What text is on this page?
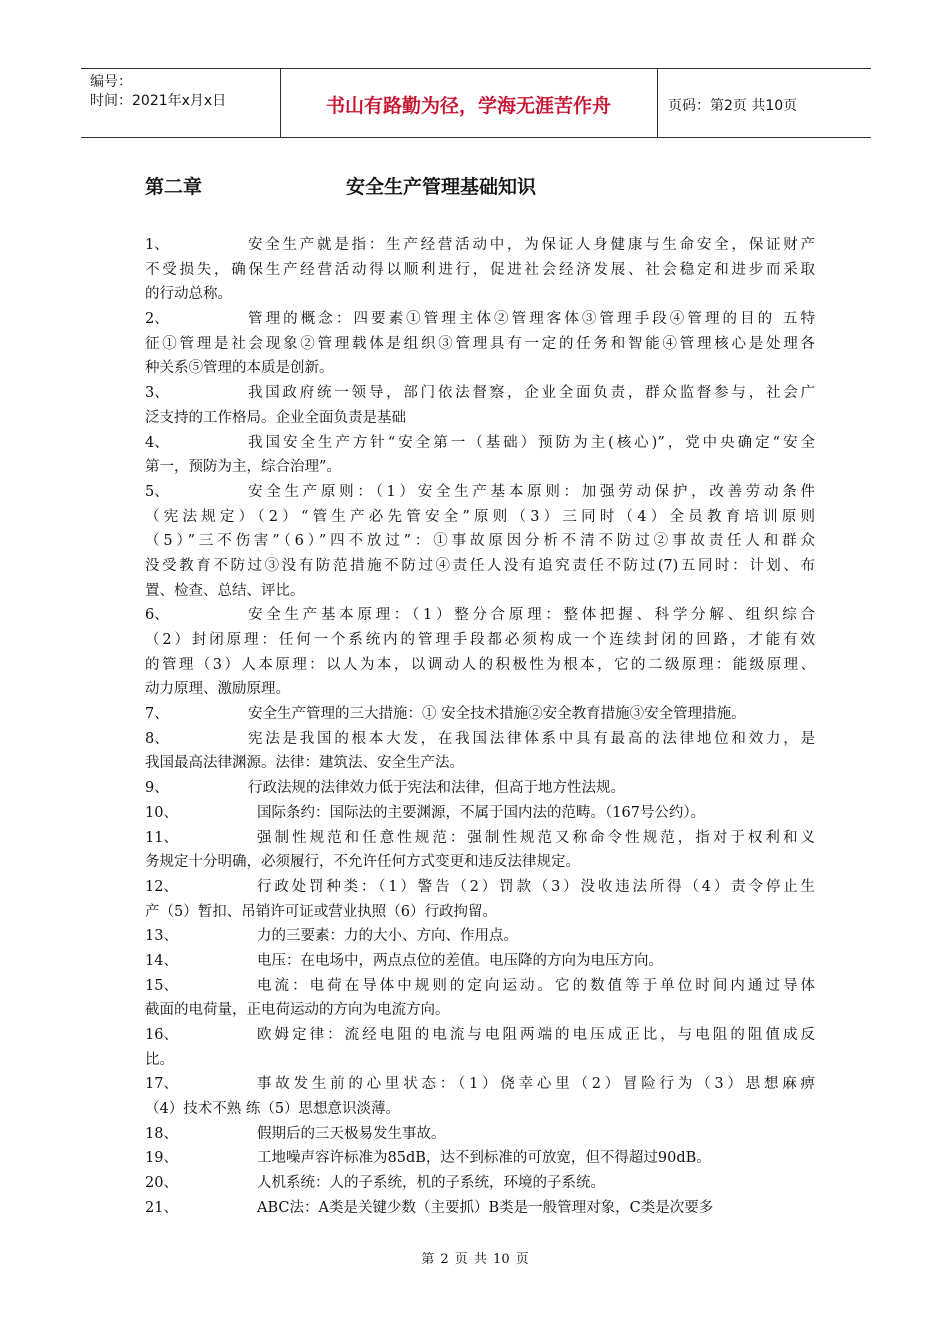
编号：
时间：2021年x月x日	书山有路勤为径，学海无涯苦作舟	页码：第2页 共10页
第二章	安全生产管理基础知识
1、	安全生产就是指：生产经营活动中，为保证人身健康与生命安全，保证财产
不受损失，确保生产经营活动得以顺利进行，促进社会经济发展、社会稳定和进步而采取
的行动总称。
2、	管理的概念：四要素①管理主体②管理客体③管理手段④管理的目的 五特
征①管理是社会现象②管理载体是组织③管理具有一定的任务和智能④管理核心是处理各
种关系⑤管理的本质是创新。
3、	我国政府统一领导，部门依法督察，企业全面负责，群众监督参与，社会广
泛支持的工作格局。企业全面负责是基础
4、	我国安全生产方针“安全第一（基础）预防为主(核心)”，党中央确定“安全
第一，预防为主，综合治理”。
5、	安全生产原则：（1）安全生产基本原则：加强劳动保护，改善劳动条件
（宪法规定）（2）“管生产必先管安全”原则（3）三同时（4）全员教育培训原则
（5）”三不伤害”（6）”四不放过”：①事故原因分析不清不防过②事故责任人和群众
没受教育不防过③没有防范措施不防过④责任人没有追究责任不防过(7)五同时：计划、布
置、检查、总结、评比。
6、	安全生产基本原理：（1）整分合原理：整体把握、科学分解、组织综合
（2）封闭原理：任何一个系统内的管理手段都必须构成一个连续封闭的回路，才能有效
的管理（3）人本原理：以人为本，以调动人的积极性为根本，它的二级原理：能级原理、
动力原理、激励原理。
7、	安全生产管理的三大措施：① 安全技术措施②安全教育措施③安全管理措施。
8、	宪法是我国的根本大发，在我国法律体系中具有最高的法律地位和效力，是
我国最高法律渊源。法律：建筑法、安全生产法。
9、	行政法规的法律效力低于宪法和法律，但高于地方性法规。
10、	国际条约：国际法的主要渊源，不属于国内法的范畴。（167号公约）。
11、	强制性规范和任意性规范：强制性规范又称命令性规范，指对于权利和义
务规定十分明确，必须履行，不允许任何方式变更和违反法律规定。
12、	行政处罚种类：（1）警告（2）罚款（3）没收违法所得（4）责令停止生
产（5）暂扣、吊销许可证或营业执照（6）行政拘留。
13、	力的三要素：力的大小、方向、作用点。
14、	电压：在电场中，两点点位的差值。电压降的方向为电压方向。
15、	电流：电荷在导体中规则的定向运动。它的数值等于单位时间内通过导体
截面的电荷量，正电荷运动的方向为电流方向。
16、	欧姆定律：流经电阻的电流与电阻两端的电压成正比，与电阻的阻值成反
比。
17、	事故发生前的心里状态：（1）侥幸心里（2）冒险行为（3）思想麻痹
（4）技术不熟 练（5）思想意识淡薄。
18、	假期后的三天极易发生事故。
19、	工地噪声容许标准为85dB，达不到标准的可放宽，但不得超过90dB。
20、	人机系统：人的子系统，机的子系统，环境的子系统。
21、	ABC法：A类是关键少数（主要抓）B类是一般管理对象，C类是次要多
第 2 页 共 10 页
